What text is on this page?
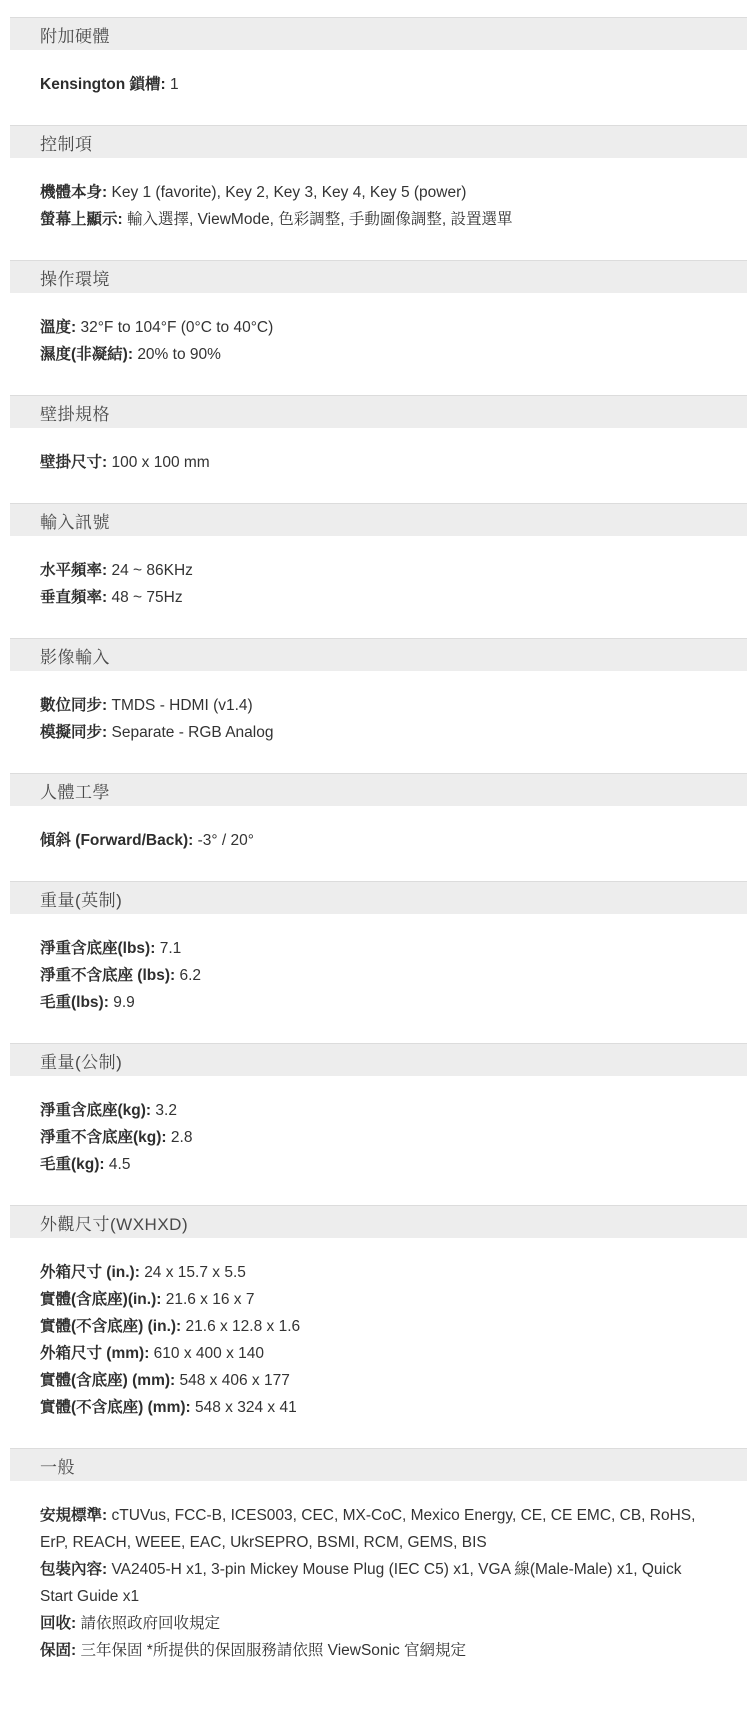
附加硬體
Kensington 鎖槽: 1
控制項
機體本身: Key 1 (favorite), Key 2, Key 3, Key 4, Key 5 (power)
螢幕上顯示: 輸入選擇, ViewMode, 色彩調整, 手動圖像調整, 設置選單
操作環境
溫度: 32°F to 104°F (0°C to 40°C)
濕度(非凝結): 20% to 90%
壁掛規格
壁掛尺寸: 100 x 100 mm
輸入訊號
水平頻率: 24 ~ 86KHz
垂直頻率: 48 ~ 75Hz
影像輸入
數位同步: TMDS - HDMI (v1.4)
模擬同步: Separate - RGB Analog
人體工學
傾斜 (Forward/Back): -3° / 20°
重量(英制)
淨重含底座(lbs): 7.1
淨重不含底座 (lbs): 6.2
毛重(lbs): 9.9
重量(公制)
淨重含底座(kg): 3.2
淨重不含底座(kg): 2.8
毛重(kg): 4.5
外觀尺寸(WXHXD)
外箱尺寸 (in.): 24 x 15.7 x 5.5
實體(含底座)(in.): 21.6 x 16 x 7
實體(不含底座) (in.): 21.6 x 12.8 x 1.6
外箱尺寸 (mm): 610 x 400 x 140
實體(含底座) (mm): 548 x 406 x 177
實體(不含底座) (mm): 548 x 324 x 41
一般
安規標準: cTUVus, FCC-B, ICES003, CEC, MX-CoC, Mexico Energy, CE, CE EMC, CB, RoHS, ErP, REACH, WEEE, EAC, UkrSEPRO, BSMI, RCM, GEMS, BIS
包裝內容: VA2405-H x1, 3-pin Mickey Mouse Plug (IEC C5) x1, VGA 線(Male-Male) x1, Quick Start Guide x1
回收: 請依照政府回收規定
保固: 三年保固 *所提供的保固服務請依照 ViewSonic 官網規定
